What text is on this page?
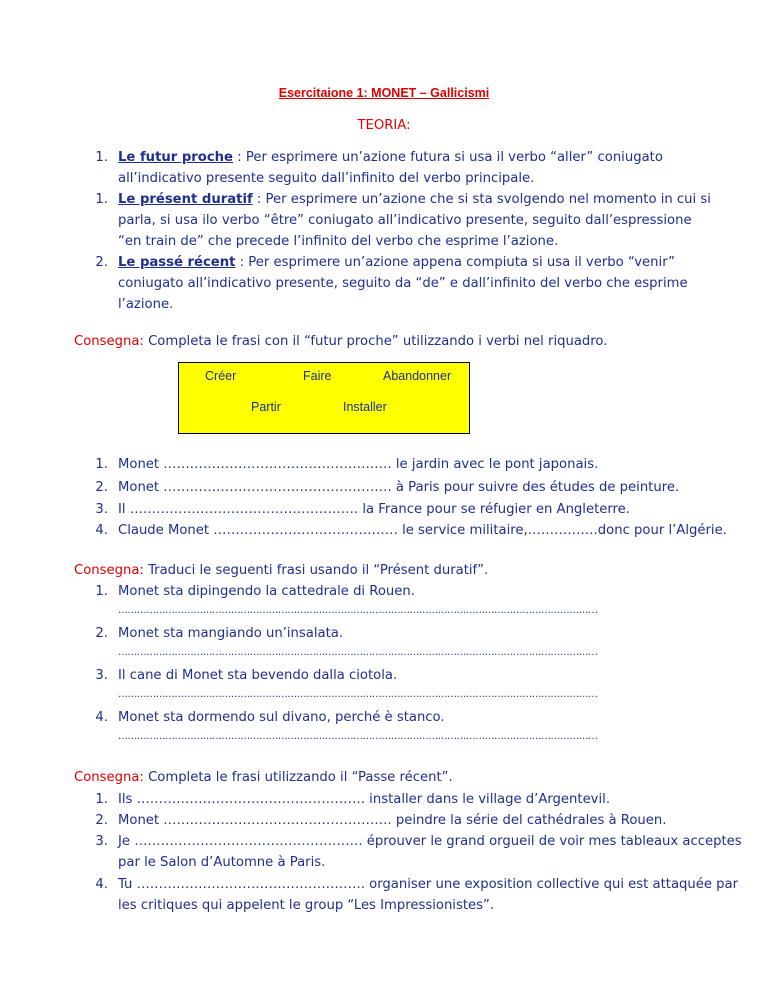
Esercitaione 1: MONET – Gallicismi
TEORIA:
1. Le futur proche : Per esprimere un’azione futura si usa il verbo “aller” coniugato
all’indicativo presente seguito dall’infinito del verbo principale.
1. Le présent duratif : Per esprimere un’azione che si sta svolgendo nel momento in cui si
parla, si usa ilo verbo “être” coniugato all’indicativo presente, seguito dall’espressione
“en train de” che precede l’infinito del verbo che esprime l’azione.
2. Le passé récent : Per esprimere un’azione appena compiuta si usa il verbo “venir”
coniugato all’indicativo presente, seguito da “de” e dall’infinito del verbo che esprime
l’azione.
Consegna: Completa le frasi con il “futur proche” utilizzando i verbi nel riquadro.
Créer	Faire	Abandonner
Partir	Installer
1. Monet ……………………………………………. le jardin avec le pont japonais.
2. Monet ……………………………………………. à Paris pour suivre des études de peinture.
3. Il ……………………………………………. la France pour se réfugier en Angleterre.
4. Claude Monet …………………………………… le service militaire,…………….donc pour l’Algérie.
Consegna: Traduci le seguenti frasi usando il “Présent duratif”.
1. Monet sta dipingendo la cattedrale di Rouen.
………………………………………………………………………………………………………………………………………
2. Monet sta mangiando un’insalata.
………………………………………………………………………………………………………………………………………
3. Il cane di Monet sta bevendo dalla ciotola.
………………………………………………………………………………………………………………………………………
4. Monet sta dormendo sul divano, perché è stanco.
………………………………………………………………………………………………………………………………………
Consegna: Completa le frasi utilizzando il “Passe récent”.
1. Ils ……………………………………………. installer dans le village d’Argentevil.
2. Monet ……………………………………………. peindre la série del cathédrales à Rouen.
3. Je ……………………………………………. éprouver le grand orgueil de voir mes tableaux acceptes
par le Salon d’Automne à Paris.
4. Tu ……………………………………………. organiser une exposition collective qui est attaquée par
les critiques qui appelent le group “Les Impressionistes”.
